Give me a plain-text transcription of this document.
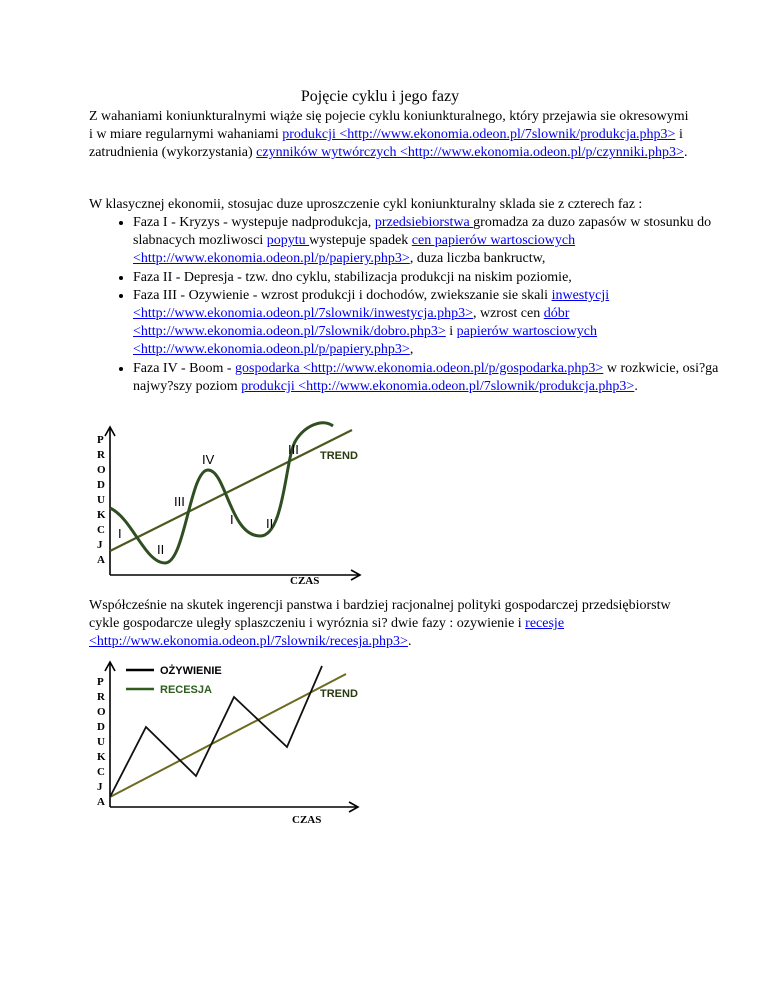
Pojęcie cyklu i jego fazy
Z wahaniami koniunkturalnymi wiąże się pojecie cyklu koniunkturalnego, który przejawia sie okresowymi i w miare regularnymi wahaniami produkcji <http://www.ekonomia.odeon.pl/7slownik/produkcja.php3> i zatrudnienia (wykorzystania) czynników wytwórczych <http://www.ekonomia.odeon.pl/p/czynniki.php3>.
W klasycznej ekonomii, stosujac duze uproszczenie cykl koniunkturalny sklada sie z czterech faz :
• Faza I - Kryzys - wystepuje nadprodukcja, przedsiebiorstwa gromadza za duzo zapasów w stosunku do slabnacych mozliwosci popytu wystepuje spadek cen papierów wartosciowych <http://www.ekonomia.odeon.pl/p/papiery.php3>, duza liczba bankructw,
• Faza II - Depresja - tzw. dno cyklu, stabilizacja produkcji na niskim poziomie,
• Faza III - Ozywienie - wzrost produkcji i dochodów, zwiekszanie sie skali inwestycji <http://www.ekonomia.odeon.pl/7slownik/inwestycja.php3>, wzrost cen dóbr <http://www.ekonomia.odeon.pl/7slownik/dobro.php3> i papierów wartosciowych <http://www.ekonomia.odeon.pl/p/papiery.php3>,
• Faza IV - Boom - gospodarka <http://www.ekonomia.odeon.pl/p/gospodarka.php3> w rozkwicie, osi?ga najwy?szy poziom produkcji <http://www.ekonomia.odeon.pl/7slownik/produkcja.php3>.
P
R
O
D
U
K
C
J
A
TREND
CZAS
I
II
III
IV
I II
III
Współcześnie na skutek ingerencji panstwa i bardziej racjonalnej polityki gospodarczej przedsiębiorstw cykle gospodarcze uległy splaszczeniu i wyróznia si? dwie fazy : ozywienie i recesje <http://www.ekonomia.odeon.pl/7slownik/recesja.php3>.
P
R
O
D
U
K
C
J
A
OŻYWIENIE
RECESJA	TREND
CZAS
